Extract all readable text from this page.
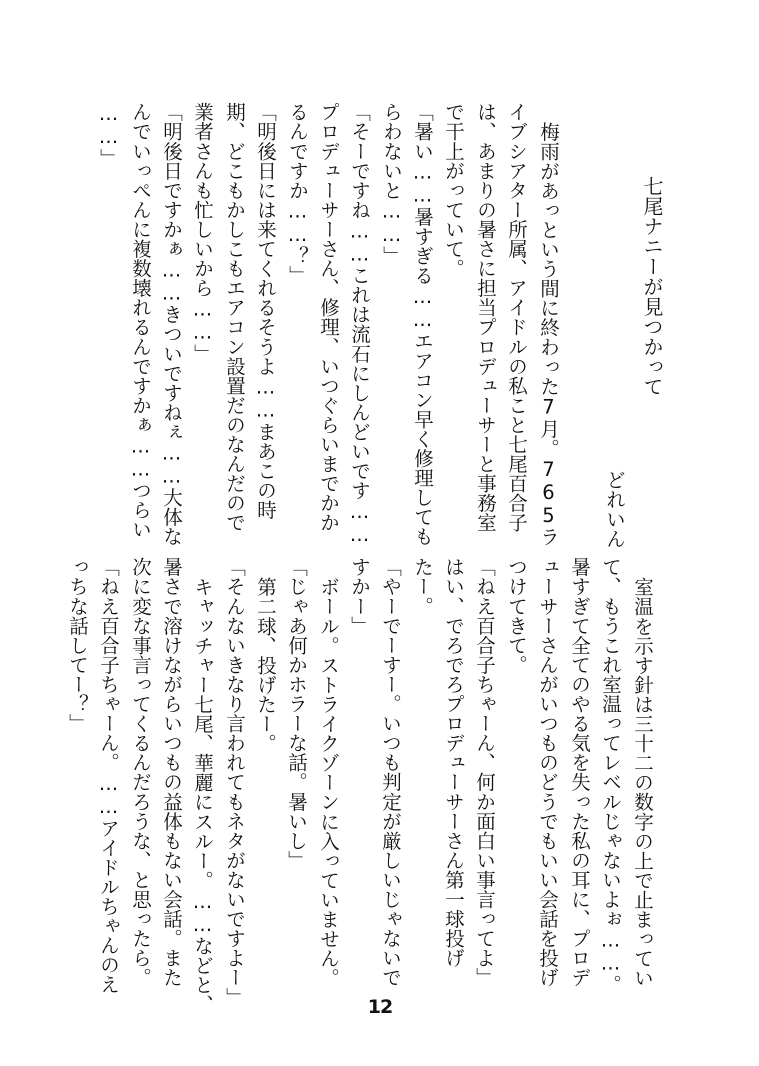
七尾ナニーが見つかって
どれいん
梅雨があっという間に終わった7月。765ラ
イブシアター所属、アイドルの私こと七尾百合子
は、あまりの暑さに担当プロデューサーと事務室
で干上がっていて。
「暑い……暑すぎる……エアコン早く修理しても
らわないと……」
「そーですね……これは流石にしんどいです……
プロデューサーさん、修理、いつぐらいまでかか
るんですか……？」
「明後日には来てくれるそうよ……まあこの時
期、どこもかしこもエアコン設置だのなんだので
業者さんも忙しいから……」
「明後日ですかぁ……きついですねぇ……大体な
んでいっぺんに複数壊れるんですかぁ……つらい
……」
室温を示す針は三十二の数字の上で止まってい
て、もうこれ室温ってレベルじゃないよぉ……。
暑すぎて全てのやる気を失った私の耳に、プロデ
ューサーさんがいつものどうでもいい会話を投げ
つけてきて。
「ねえ百合子ちゃーん、何か面白い事言ってよ」
はい、でろでろプロデューサーさん第一球投げ
たー。
「やーでーすー。いつも判定が厳しいじゃないで
すかー」
ボール。ストライクゾーンに入っていません。
「じゃあ何かホラーな話。暑いし」
第二球、投げたー。
「そんないきなり言われてもネタがないですよー」
キャッチャー七尾、華麗にスルー。……などと、
暑さで溶けながらいつもの益体もない会話。また
次に変な事言ってくるんだろうな、と思ったら。
「ねえ百合子ちゃーん。……アイドルちゃんのえ
っちな話してー？」
12
